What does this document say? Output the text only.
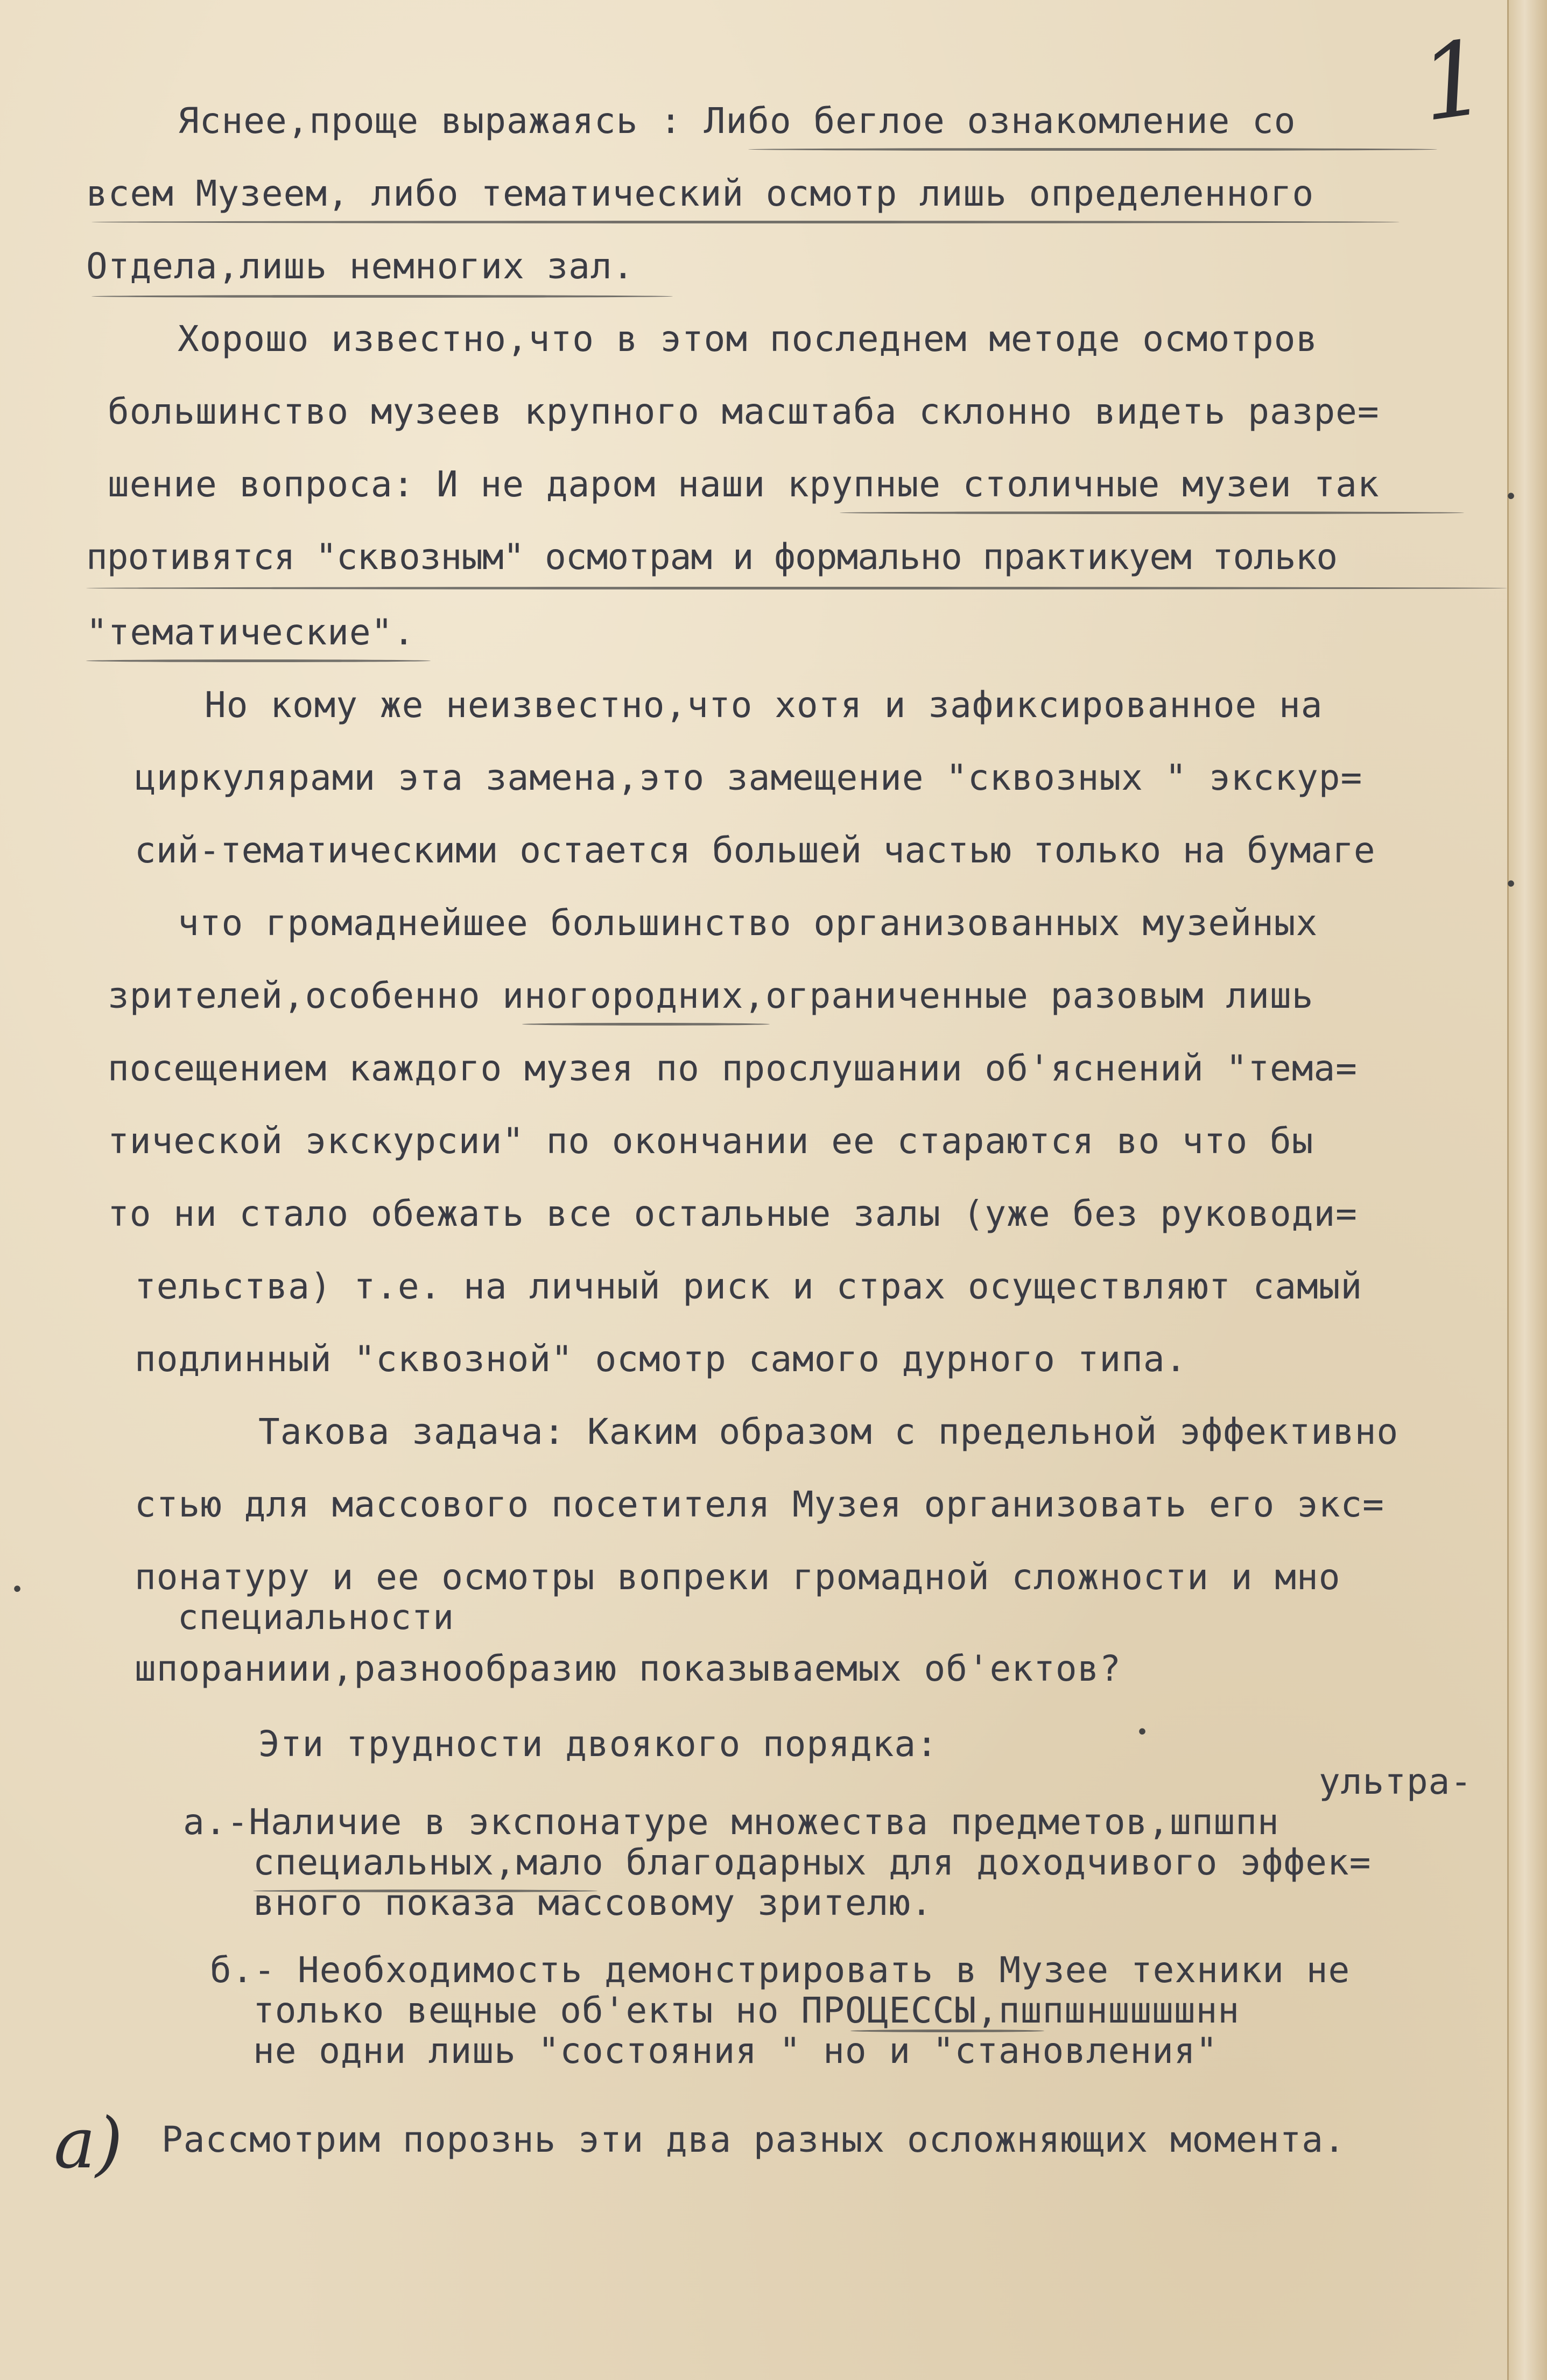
1
a)
Яснее,проще выражаясь : Либо беглое ознакомление со
всем Музеем, либо тематический осмотр лишь определенного
Отдела,лишь немногих зал.
Хорошо известно,что в этом последнем методе осмотров
большинство музеев крупного масштаба склонно видеть разре=
шение вопроса: И не даром наши крупные столичные музеи так
противятся "сквозным" осмотрам и формально практикуем только
"тематические".
Но кому же неизвестно,что хотя и зафиксированное на
циркулярами эта замена,это замещение "сквозных " экскур=
сий-тематическими остается большей частью только на бумаге
что громаднейшее большинство организованных музейных
зрителей,особенно иногородних,ограниченные разовым лишь
посещением каждого музея по прослушании об'яснений "тема=
тической экскурсии" по окончании ее стараются во что бы
то ни стало обежать все остальные залы (уже без руководи=
тельства) т.е. на личный риск и страх осуществляют самый
подлинный "сквозной" осмотр самого дурного типа.
Такова задача: Каким образом с предельной эффективно
стью для массового посетителя Музея организовать его экс=
понатуру и ее осмотры вопреки громадной сложности и мно
специальности
шпораниии,разнообразию показываемых об'ектов?
Эти трудности двоякого порядка:
ультра-
а.-Наличие в экспонатуре множества предметов,шпшпн
специальных,мало благодарных для доходчивого эффек=
вного показа массовому зрителю.
б.- Необходимость демонстрировать в Музее техники не
только вещные об'екты но ПРОЦЕССЫ,пшпшншшшшнн
не одни лишь "состояния " но и "становления"
Рассмотрим порознь эти два разных осложняющих момента.
•
•
•
•
